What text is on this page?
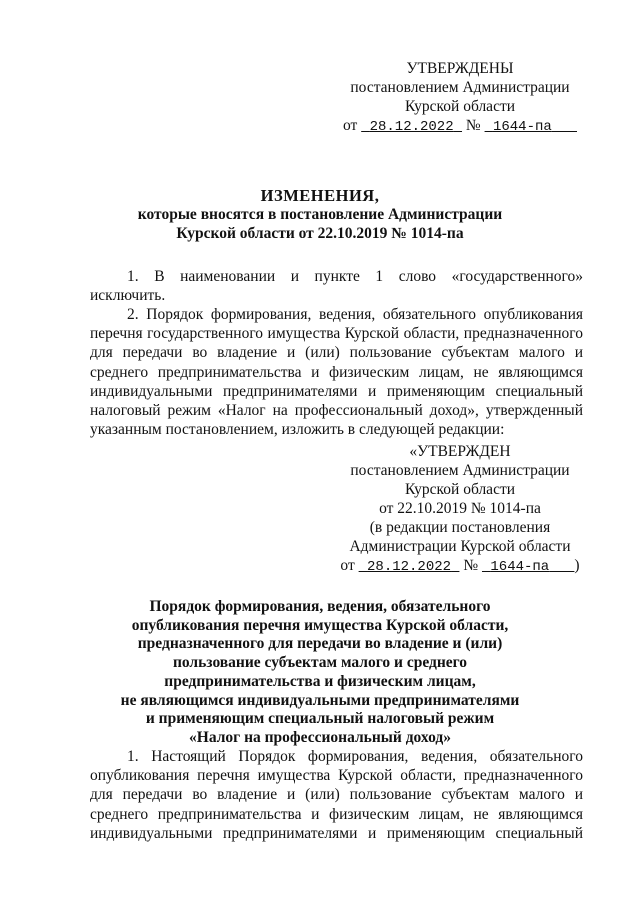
УТВЕРЖДЕНЫ
постановлением Администрации
Курской области
от 28.12.2022 № 1644-па
ИЗМЕНЕНИЯ,
которые вносятся в постановление Администрации
Курской области от 22.10.2019 № 1014-па
1. В наименовании и пункте 1 слово «государственного»
исключить.
2. Порядок формирования, ведения, обязательного опубликования
перечня государственного имущества Курской области, предназначенного для передачи во владение и (или) пользование субъектам малого и среднего предпринимательства и физическим лицам, не являющимся индивидуальными предпринимателями и применяющим специальный налоговый режим «Налог на профессиональный доход», утвержденный указанным постановлением, изложить в следующей редакции:
«УТВЕРЖДЕН
постановлением Администрации
Курской области
от 22.10.2019 № 1014-па
(в редакции постановления
Администрации Курской области
от 28.12.2022 № 1644-па )
Порядок формирования, ведения, обязательного
опубликования перечня имущества Курской области,
предназначенного для передачи во владение и (или)
пользование субъектам малого и среднего
предпринимательства и физическим лицам,
не являющимся индивидуальными предпринимателями
и применяющим специальный налоговый режим
«Налог на профессиональный доход»
1. Настоящий Порядок формирования, ведения, обязательного опубликования перечня имущества Курской области, предназначенного для передачи во владение и (или) пользование субъектам малого и среднего предпринимательства и физическим лицам, не являющимся индивидуальными предпринимателями и применяющим специальный
